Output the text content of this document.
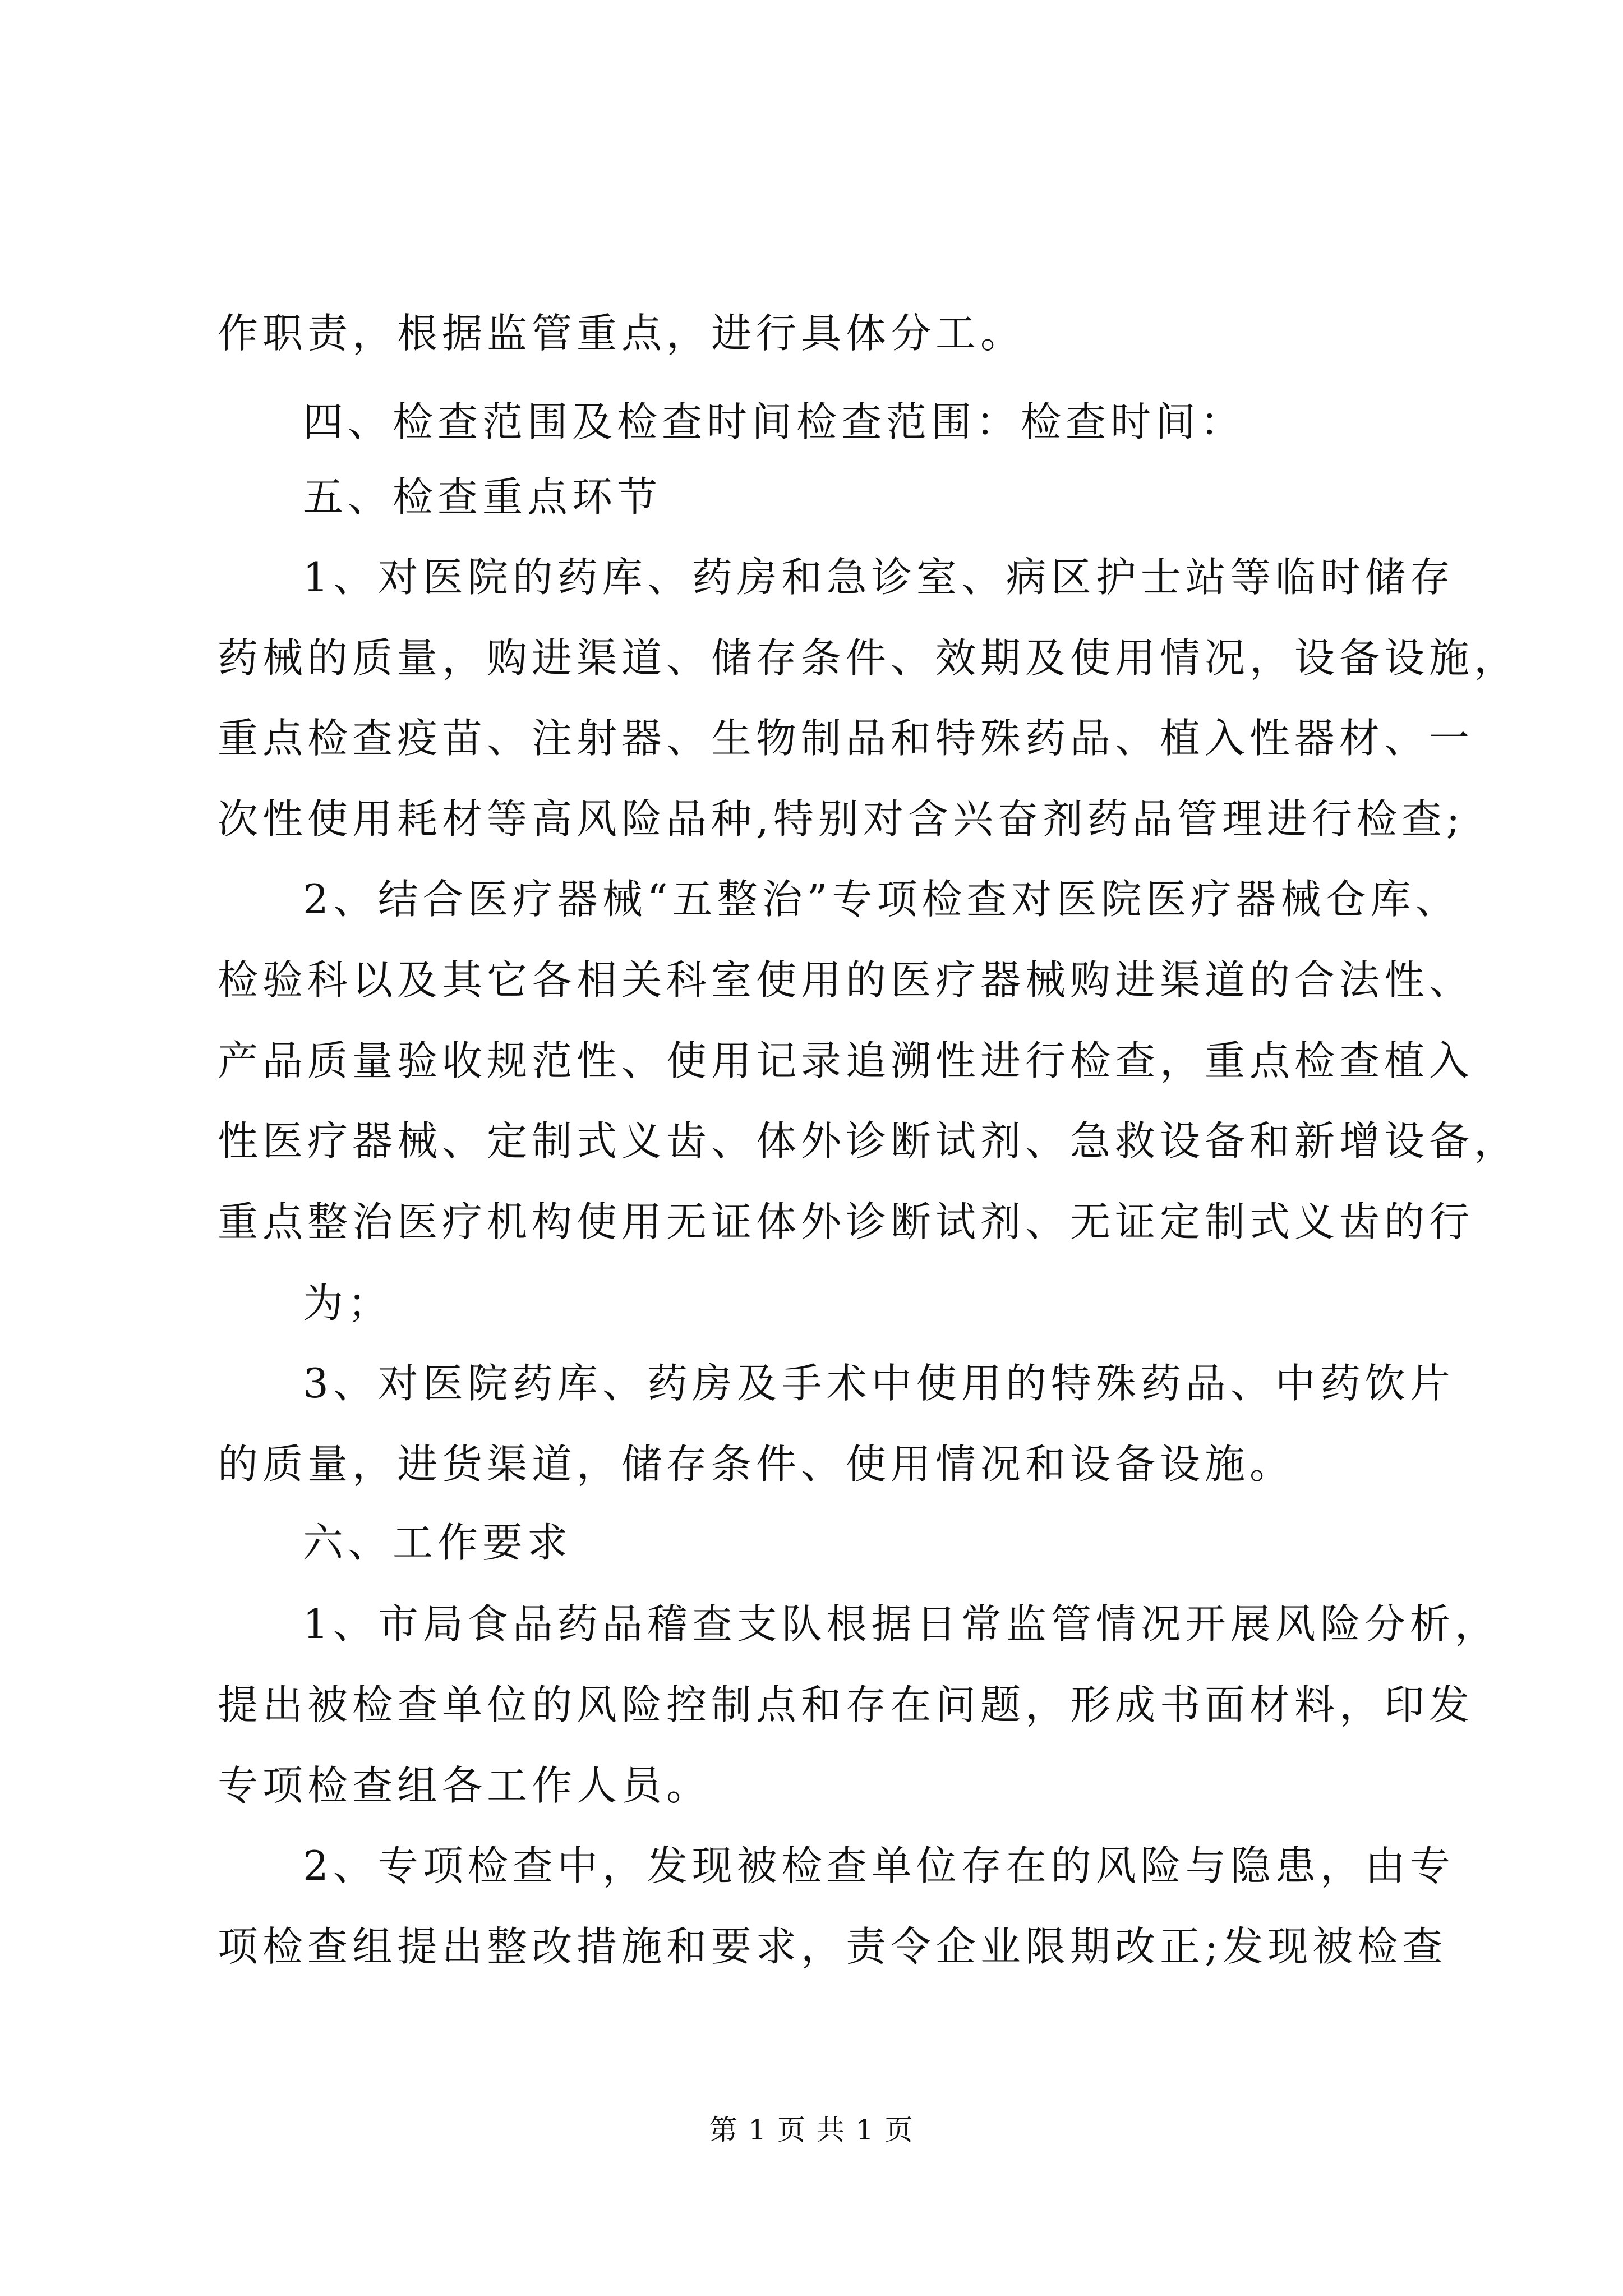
作职责，根据监管重点，进行具体分工。
四、检查范围及检查时间检查范围：检查时间：
五、检查重点环节
1、对医院的药库、药房和急诊室、病区护士站等临时储存
药械的质量，购进渠道、储存条件、效期及使用情况，设备设施，
重点检查疫苗、注射器、生物制品和特殊药品、植入性器材、一
次性使用耗材等高风险品种,特别对含兴奋剂药品管理进行检查;
2、结合医疗器械“五整治”专项检查对医院医疗器械仓库、
检验科以及其它各相关科室使用的医疗器械购进渠道的合法性、
产品质量验收规范性、使用记录追溯性进行检查，重点检查植入
性医疗器械、定制式义齿、体外诊断试剂、急救设备和新增设备，
重点整治医疗机构使用无证体外诊断试剂、无证定制式义齿的行
为；
3、对医院药库、药房及手术中使用的特殊药品、中药饮片
的质量，进货渠道，储存条件、使用情况和设备设施。
六、工作要求
1、市局食品药品稽查支队根据日常监管情况开展风险分析，
提出被检查单位的风险控制点和存在问题，形成书面材料，印发
专项检查组各工作人员。
2、专项检查中，发现被检查单位存在的风险与隐患，由专
项检查组提出整改措施和要求，责令企业限期改正;发现被检查
第 1 页 共 1 页
